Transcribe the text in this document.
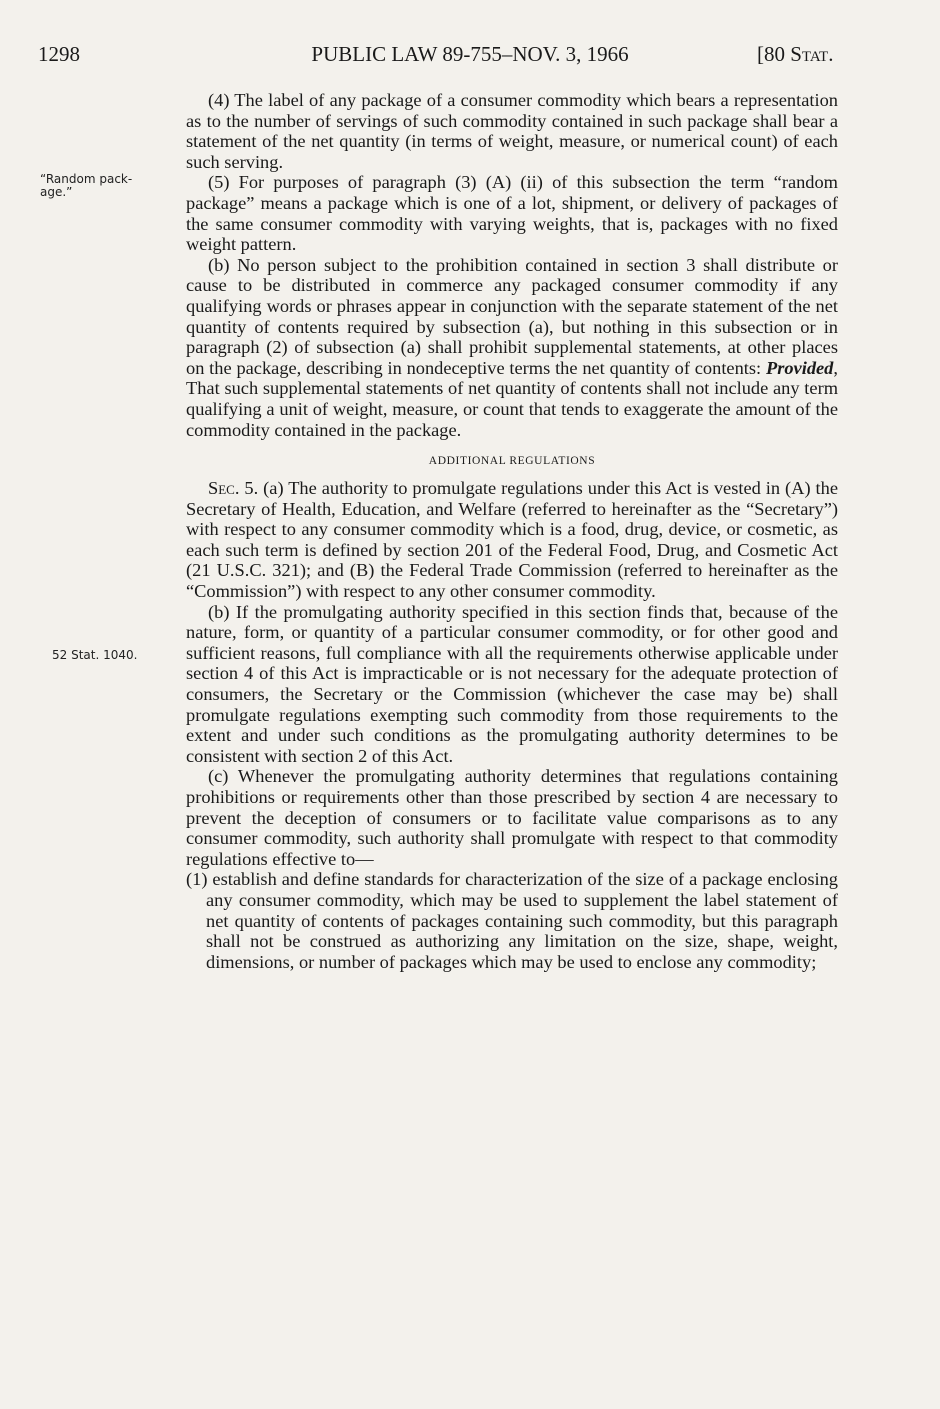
1298	PUBLIC LAW 89-755–NOV. 3, 1966	[80 Stat.
“Random pack-
age.”
52 Stat. 1040.

(4) The label of any package of a consumer commodity which bears a representation as to the number of servings of such commodity contained in such package shall bear a statement of the net quantity (in terms of weight, measure, or numerical count) of each such serving.

(5) For purposes of paragraph (3) (A) (ii) of this subsection the term “random package” means a package which is one of a lot, shipment, or delivery of packages of the same consumer commodity with varying weights, that is, packages with no fixed weight pattern.

(b) No person subject to the prohibition contained in section 3 shall distribute or cause to be distributed in commerce any packaged consumer commodity if any qualifying words or phrases appear in conjunction with the separate statement of the net quantity of contents required by subsection (a), but nothing in this subsection or in paragraph (2) of subsection (a) shall prohibit supplemental statements, at other places on the package, describing in nondeceptive terms the net quantity of contents: Provided, That such supplemental statements of net quantity of contents shall not include any term qualifying a unit of weight, measure, or count that tends to exaggerate the amount of the commodity contained in the package.

ADDITIONAL REGULATIONS

Sec. 5. (a) The authority to promulgate regulations under this Act is vested in (A) the Secretary of Health, Education, and Welfare (referred to hereinafter as the “Secretary”) with respect to any consumer commodity which is a food, drug, device, or cosmetic, as each such term is defined by section 201 of the Federal Food, Drug, and Cosmetic Act (21 U.S.C. 321); and (B) the Federal Trade Commission (referred to hereinafter as the “Commission”) with respect to any other consumer commodity.

(b) If the promulgating authority specified in this section finds that, because of the nature, form, or quantity of a particular consumer commodity, or for other good and sufficient reasons, full compliance with all the requirements otherwise applicable under section 4 of this Act is impracticable or is not necessary for the adequate protection of consumers, the Secretary or the Commission (whichever the case may be) shall promulgate regulations exempting such commodity from those requirements to the extent and under such conditions as the promulgating authority determines to be consistent with section 2 of this Act.

(c) Whenever the promulgating authority determines that regulations containing prohibitions or requirements other than those prescribed by section 4 are necessary to prevent the deception of consumers or to facilitate value comparisons as to any consumer commodity, such authority shall promulgate with respect to that commodity regulations effective to—

(1) establish and define standards for characterization of the size of a package enclosing any consumer commodity, which may be used to supplement the label statement of net quantity of contents of packages containing such commodity, but this paragraph shall not be construed as authorizing any limitation on the size, shape, weight, dimensions, or number of packages which may be used to enclose any commodity;
